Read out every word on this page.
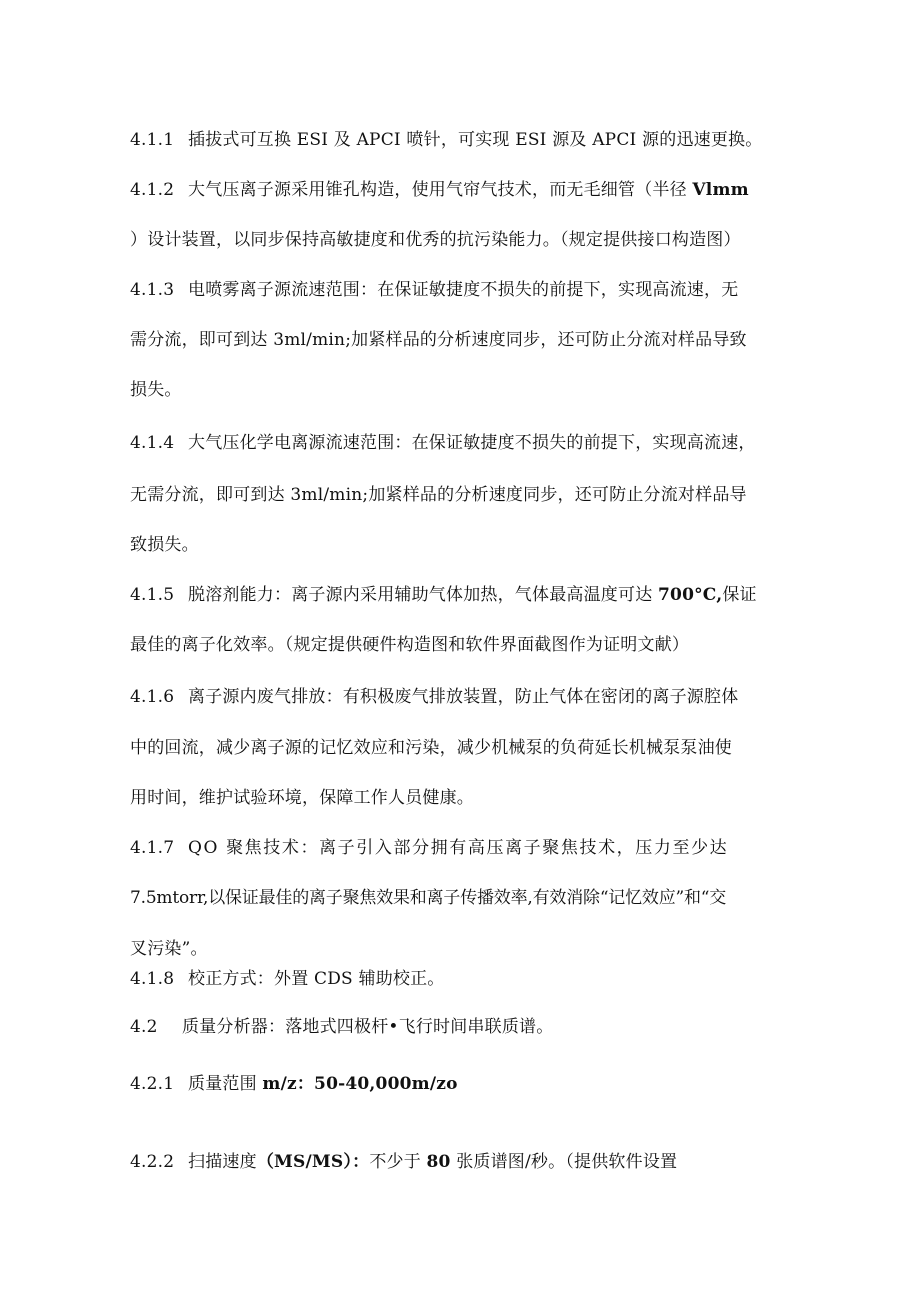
4.1.1 插拔式可互换 ESI 及 APCI 喷针，可实现 ESI 源及 APCI 源的迅速更换。
4.1.2 大气压离子源采用锥孔构造，使用气帘气技术，而无毛细管（半径 Vlmm
）设计装置，以同步保持高敏捷度和优秀的抗污染能力。（规定提供接口构造图）
4.1.3 电喷雾离子源流速范围：在保证敏捷度不损失的前提下，实现高流速，无
需分流，即可到达 3ml/min;加紧样品的分析速度同步，还可防止分流对样品导致
损失。
4.1.4 大气压化学电离源流速范围：在保证敏捷度不损失的前提下，实现高流速，
无需分流，即可到达 3ml/min;加紧样品的分析速度同步，还可防止分流对样品导
致损失。
4.1.5 脱溶剂能力：离子源内采用辅助气体加热，气体最高温度可达 700°C,保证
最佳的离子化效率。（规定提供硬件构造图和软件界面截图作为证明文献）
4.1.6 离子源内废气排放：有积极废气排放装置，防止气体在密闭的离子源腔体
中的回流，减少离子源的记忆效应和污染，减少机械泵的负荷延长机械泵泵油使
用时间，维护试验环境，保障工作人员健康。
4.1.7 QO 聚焦技术：离子引入部分拥有高压离子聚焦技术，压力至少达
7.5mtorr,以保证最佳的离子聚焦效果和离子传播效率,有效消除“记忆效应”和“交
叉污染”。
4.1.8 校正方式：外置 CDS 辅助校正。
4.2 质量分析器：落地式四极杆•飞行时间串联质谱。
4.2.1 质量范围 m/z：50-40,000m/zo
4.2.2 扫描速度（MS/MS）：不少于 80 张质谱图/秒。（提供软件设置
